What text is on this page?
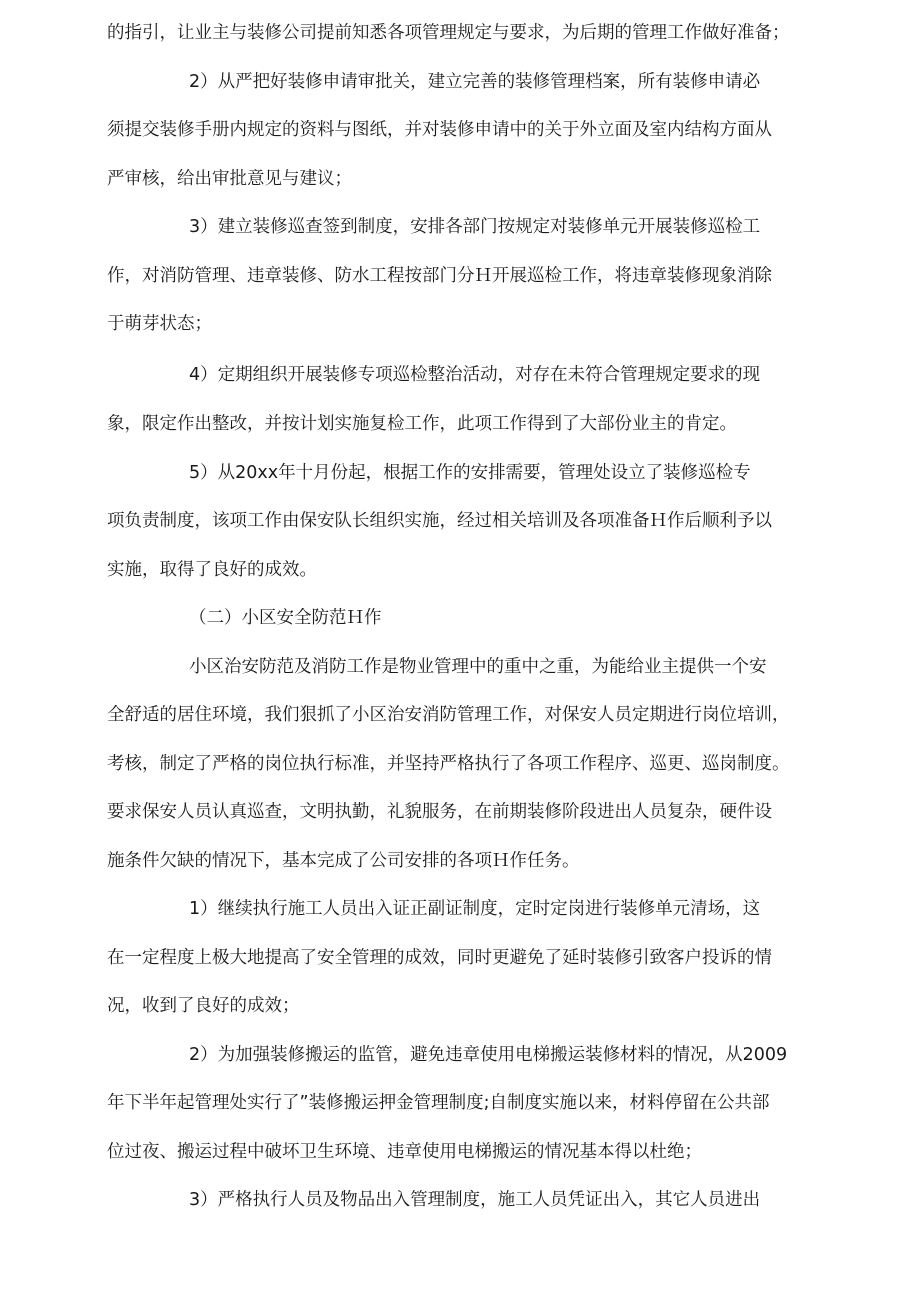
的指引，让业主与装修公司提前知悉各项管理规定与要求，为后期的管理工作做好准备；

2）从严把好装修申请审批关，建立完善的装修管理档案，所有装修申请必

须提交装修手册内规定的资料与图纸，并对装修申请中的关于外立面及室内结构方面从

严审核，给出审批意见与建议；

3）建立装修巡查签到制度，安排各部门按规定对装修单元开展装修巡检工

作，对消防管理、违章装修、防水工程按部门分Ｈ开展巡检工作，将违章装修现象消除

于萌芽状态；

4）定期组织开展装修专项巡检整治活动，对存在未符合管理规定要求的现

象，限定作出整改，并按计划实施复检工作，此项工作得到了大部份业主的肯定。

5）从20xx年十月份起，根据工作的安排需要，管理处设立了装修巡检专

项负责制度，该项工作由保安队长组织实施，经过相关培训及各项准备Ｈ作后顺利予以

实施，取得了良好的成效。

（二）小区安全防范Ｈ作

小区治安防范及消防工作是物业管理中的重中之重，为能给业主提供一个安

全舒适的居住环境，我们狠抓了小区治安消防管理工作，对保安人员定期进行岗位培训，

考核，制定了严格的岗位执行标准，并坚持严格执行了各项工作程序、巡更、巡岗制度。

要求保安人员认真巡查，文明执勤，礼貌服务，在前期装修阶段进出人员复杂，硬件设

施条件欠缺的情况下，基本完成了公司安排的各项Ｈ作任务。

1）继续执行施工人员出入证正副证制度，定时定岗进行装修单元清场，这

在一定程度上极大地提高了安全管理的成效，同时更避免了延时装修引致客户投诉的情

况，收到了良好的成效；

2）为加强装修搬运的监管，避免违章使用电梯搬运装修材料的情况，从2009

年下半年起管理处实行了”装修搬运押金管理制度;自制度实施以来，材料停留在公共部

位过夜、搬运过程中破坏卫生环境、违章使用电梯搬运的情况基本得以杜绝；

3）严格执行人员及物品出入管理制度，施工人员凭证出入，其它人员进出
